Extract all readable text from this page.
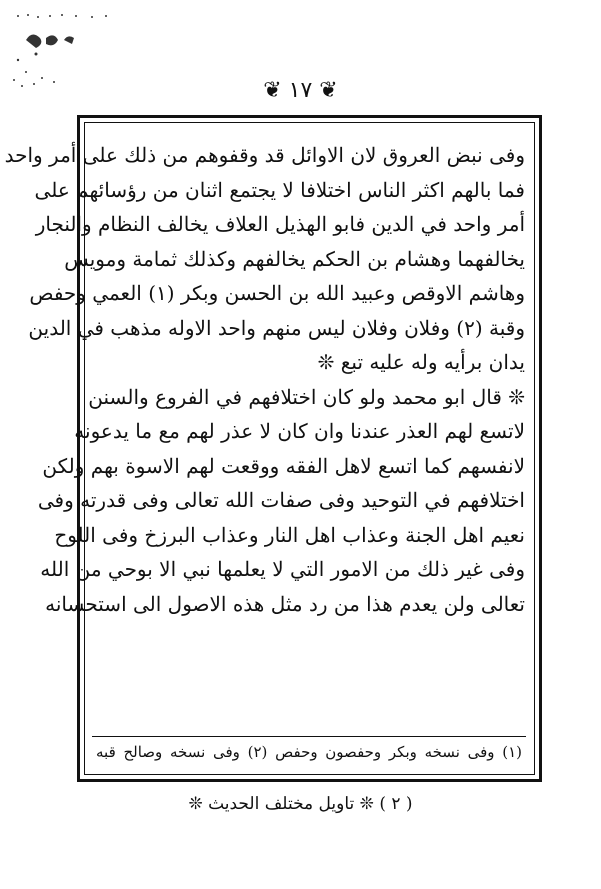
❦ ١٧ ❦
وفى نبض العروق لان الاوائل قد وقفوهم من ذلك على أمر واحد
فما بالهم اكثر الناس اختلافا لا يجتمع اثنان من رؤسائهم على
أمر واحد في الدين فابو الهذيل العلاف يخالف النظام والنجار
يخالفهما وهشام بن الحكم يخالفهم وكذلك ثمامة ومويس
وهاشم الاوقص وعبيد الله بن الحسن وبكر (١) العمي وحفص
وقبة (٢) وفلان وفلان ليس منهم واحد الاوله مذهب في الدين
يدان برأيه وله عليه تبع ❊
❊ قال ابو محمد ولو كان اختلافهم في الفروع والسنن
لاتسع لهم العذر عندنا وان كان لا عذر لهم مع ما يدعونه
لانفسهم كما اتسع لاهل الفقه ووقعت لهم الاسوة بهم ولكن
اختلافهم في التوحيد وفى صفات الله تعالى وفى قدرته وفى
نعيم اهل الجنة وعذاب اهل النار وعذاب البرزخ وفى اللوح
وفى غير ذلك من الامور التي لا يعلمها نبي الا بوحي من الله
تعالى ولن يعدم هذا من رد مثل هذه الاصول الى استحسانه
(١) وفى نسخه وبكر وحفصون وحفص (٢) وفى نسخه وصالح قبه
( ٢ ) ❊ تاويل مختلف الحديث ❊
